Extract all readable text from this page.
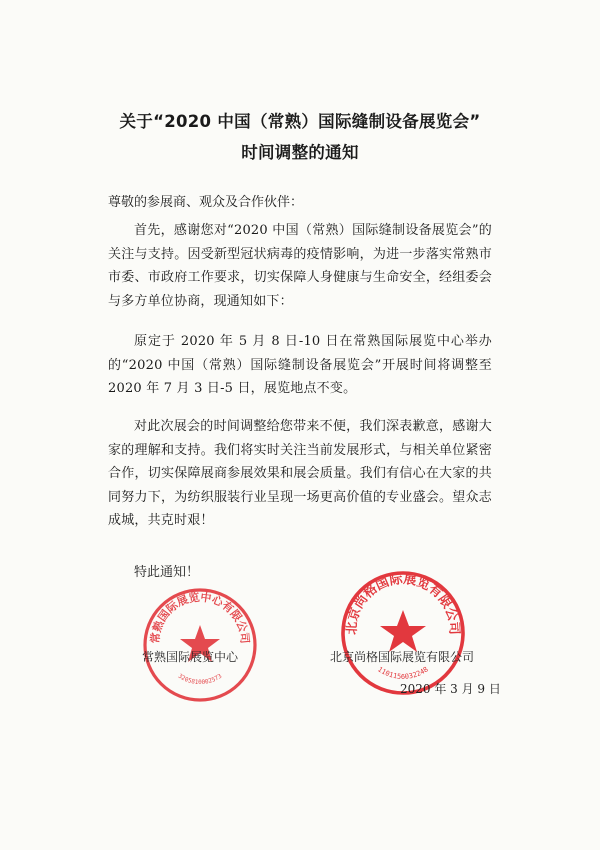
关于“2020 中国（常熟）国际缝制设备展览会”
时间调整的通知
尊敬的参展商、观众及合作伙伴：
首先，感谢您对“2020 中国（常熟）国际缝制设备展览会”的关注与支持。因受新型冠状病毒的疫情影响，为进一步落实常熟市市委、市政府工作要求，切实保障人身健康与生命安全，经组委会与多方单位协商，现通知如下：
原定于 2020 年 5 月 8 日-10 日在常熟国际展览中心举办的“2020 中国（常熟）国际缝制设备展览会”开展时间将调整至 2020 年 7 月 3 日-5 日，展览地点不变。
对此次展会的时间调整给您带来不便，我们深表歉意，感谢大家的理解和支持。我们将实时关注当前发展形式，与相关单位紧密合作，切实保障展商参展效果和展会质量。我们有信心在大家的共同努力下，为纺织服装行业呈现一场更高价值的专业盛会。望众志成城，共克时艰！
特此通知！
常熟国际展览中心有限公司
3205810002573
北京尚格国际展览有限公司
1101156032248
常熟国际展览中心	北京尚格国际展览有限公司
2020 年 3 月 9 日
